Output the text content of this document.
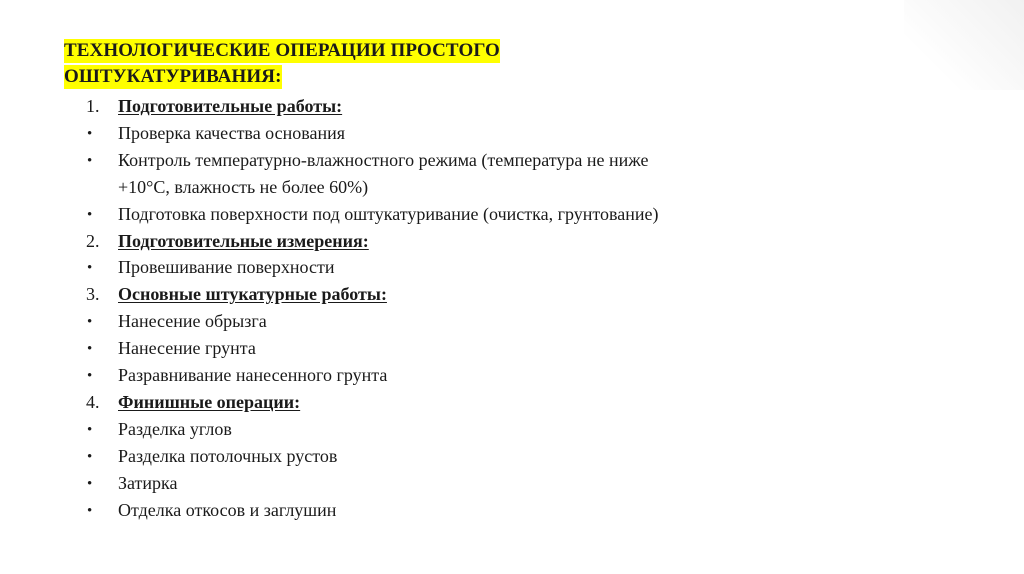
ТЕХНОЛОГИЧЕСКИЕ ОПЕРАЦИИ ПРОСТОГО
ОШТУКАТУРИВАНИЯ:
1. Подготовительные работы:
• Проверка качества основания
• Контроль температурно-влажностного режима (температура не ниже
+10°С, влажность не более 60%)
• Подготовка поверхности под оштукатуривание (очистка, грунтование)
2. Подготовительные измерения:
• Провешивание поверхности
3. Основные штукатурные работы:
• Нанесение обрызга
• Нанесение грунта
• Разравнивание нанесенного грунта
4. Финишные операции:
• Разделка углов
• Разделка потолочных рустов
• Затирка
• Отделка откосов и заглушин
